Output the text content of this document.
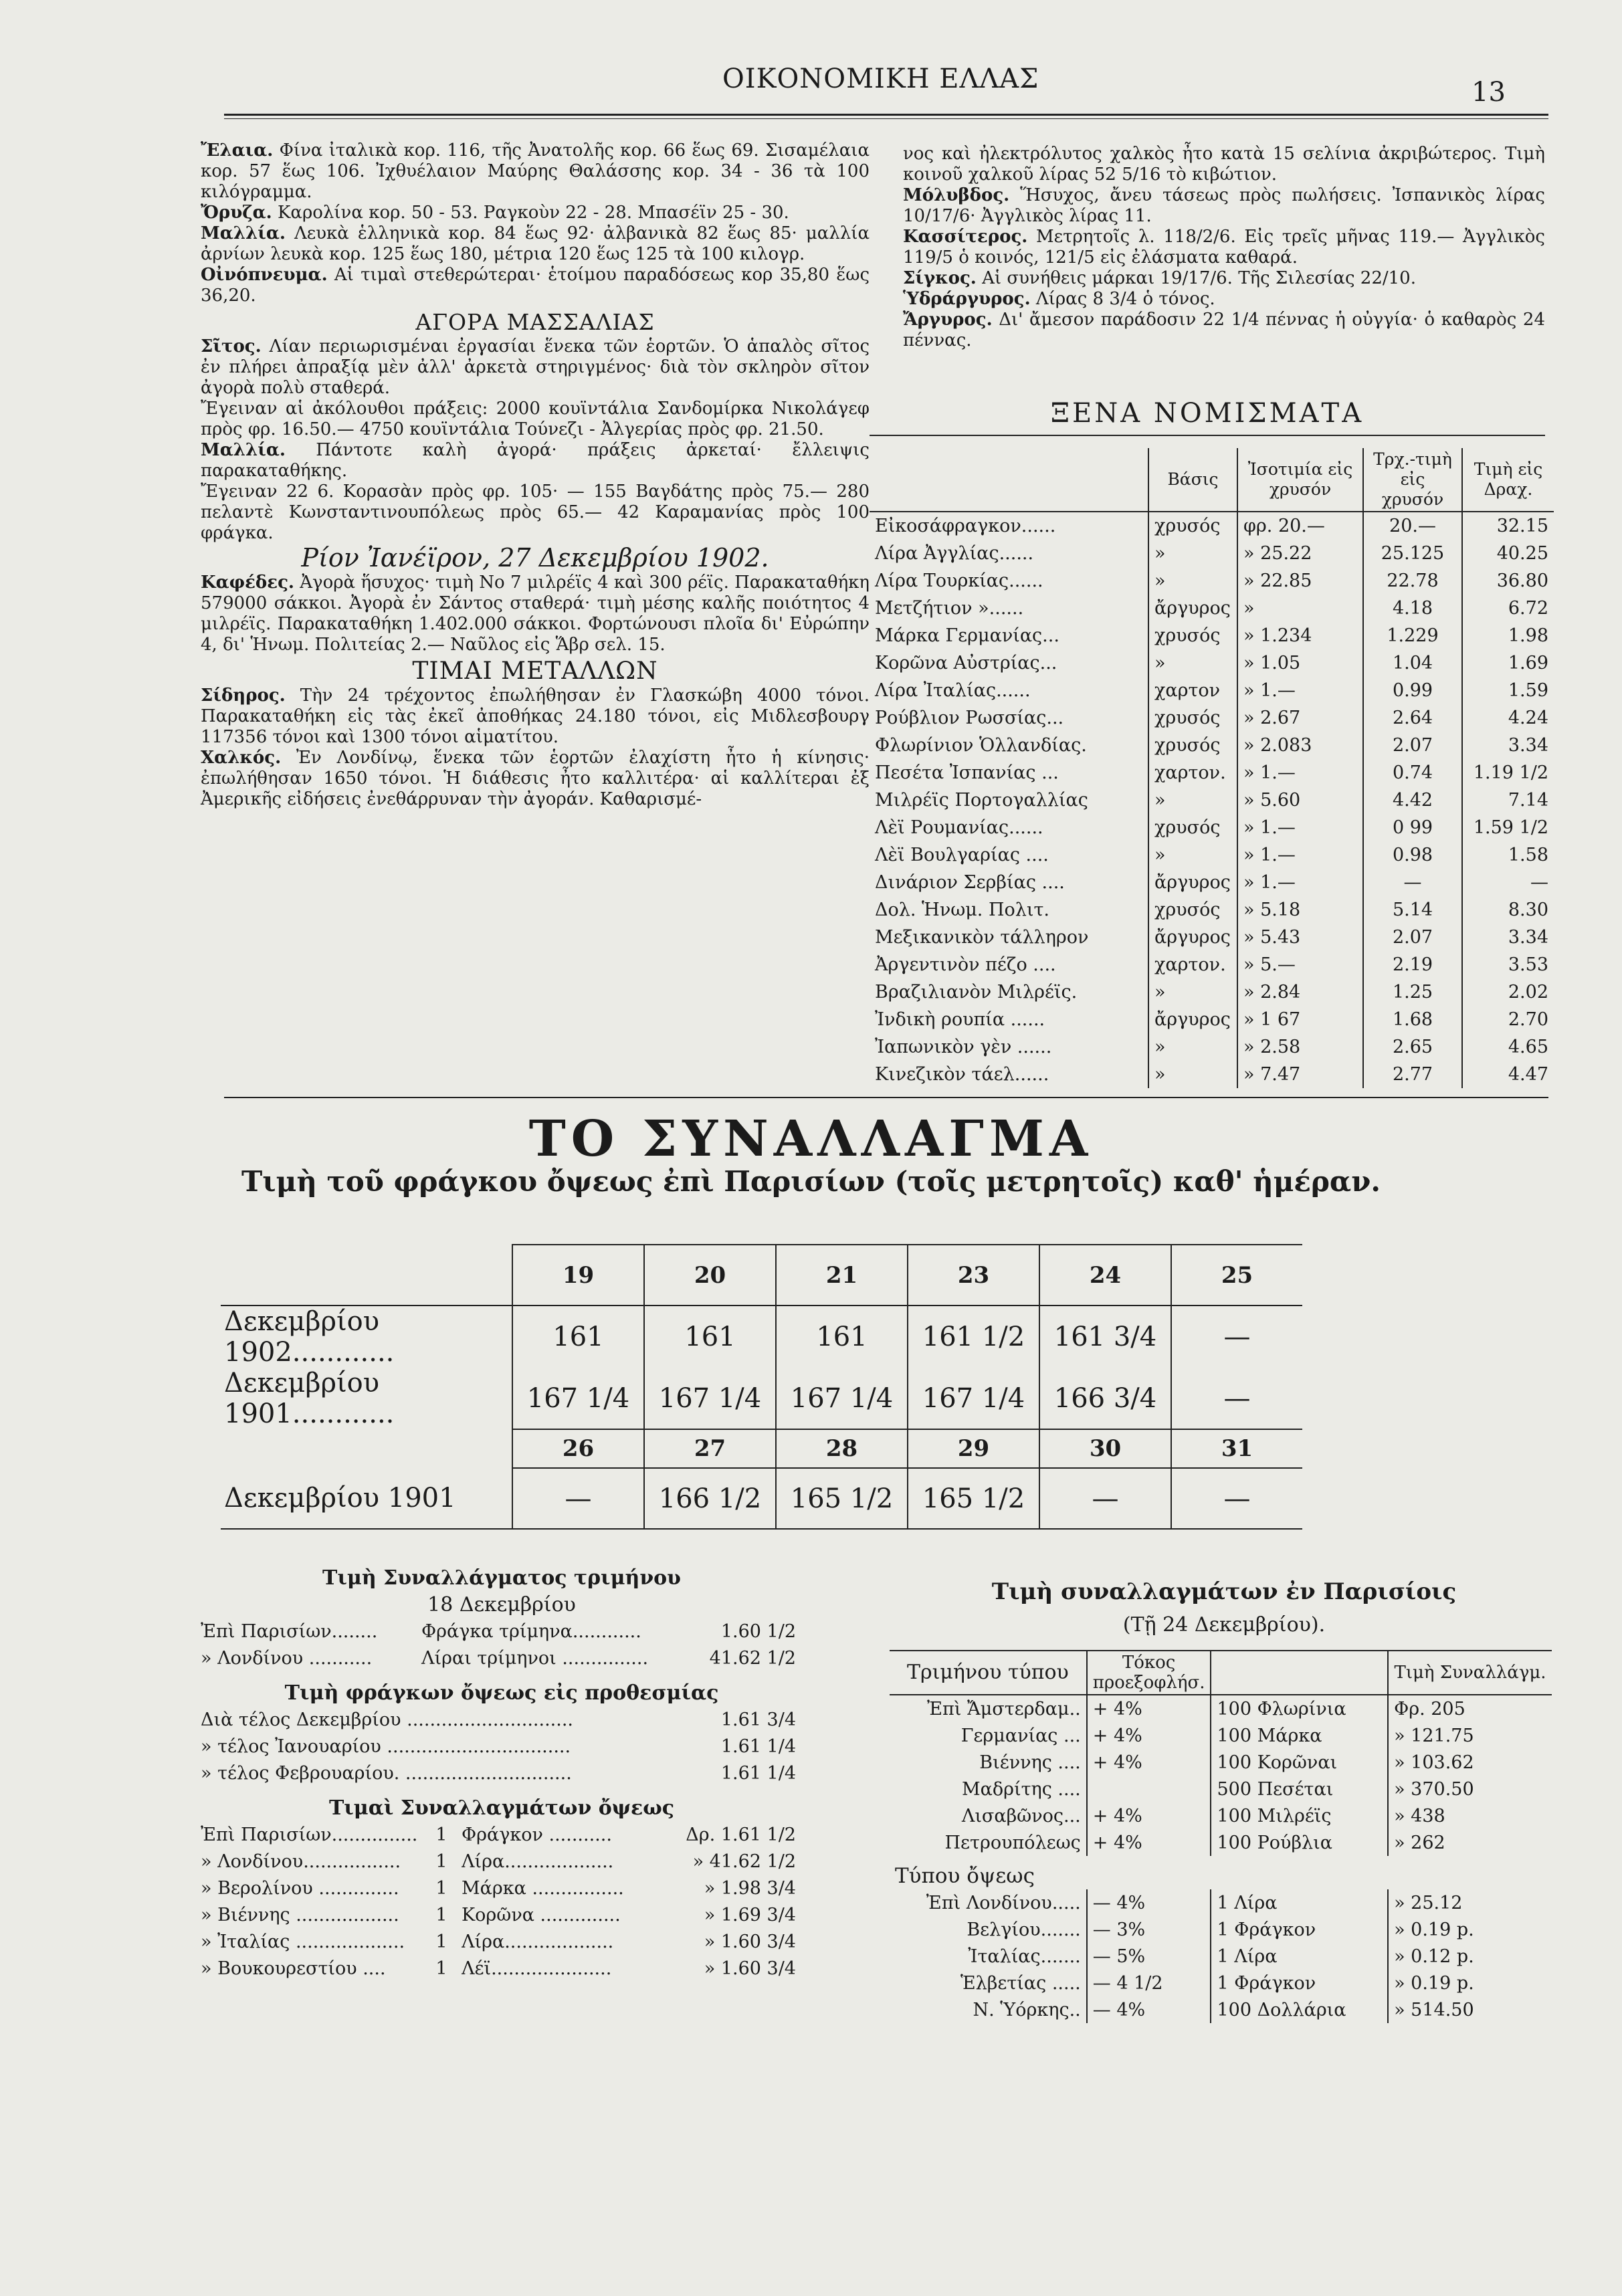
ΟΙΚΟΝΟΜΙΚΗ ΕΛΛΑΣ	13

Ἔλαια. Φίνα ἰταλικὰ κορ. 116, τῆς Ἀνατολῆς κορ. 66 ἕως 69. Σισαμέλαια κορ. 57 ἕως 106. Ἰχθυέλαιον Μαύρης Θαλάσσης κορ. 34 - 36 τὰ 100 κιλόγραμμα.

Ὄρυζα. Καρολίνα κορ. 50 - 53. Ραγκοὺν 22 - 28. Μπασέϊν 25 - 30.

Μαλλία. Λευκὰ ἑλληνικὰ κορ. 84 ἕως 92· ἀλβανικὰ 82 ἕως 85· μαλλία ἀρνίων λευκὰ κορ. 125 ἕως 180, μέτρια 120 ἕως 125 τὰ 100 κιλογρ.

Οἰνόπνευμα. Αἱ τιμαὶ στεθερώτεραι· ἑτοίμου παραδόσεως κορ 35,80 ἕως 36,20.

ΑΓΟΡΑ ΜΑΣΣΑΛΙΑΣ

Σῖτος. Λίαν περιωρισμέναι ἐργασίαι ἕνεκα τῶν ἑορτῶν. Ὁ ἁπαλὸς σῖτος ἐν πλήρει ἀπραξίᾳ μὲν ἀλλ' ἀρκετὰ στηριγμένος· διὰ τὸν σκληρὸν σῖτον ἀγορὰ πολὺ σταθερά.

Ἔγειναν αἱ ἀκόλουθοι πράξεις: 2000 κουϊντάλια Σανδομίρκα Νικολάγεφ πρὸς φρ. 16.50.— 4750 κουϊντάλια Τούνεζι - Ἀλγερίας πρὸς φρ. 21.50.

Μαλλία. Πάντοτε καλὴ ἀγορά· πράξεις ἀρκεταί· ἔλλειψις παρακαταθήκης.

Ἔγειναν 22 6. Κορασὰν πρὸς φρ. 105· — 155 Βαγδάτης πρὸς 75.— 280 πελαντὲ Κωνσταντινουπόλεως πρὸς 65.— 42 Καραμανίας πρὸς 100 φράγκα.

Ρίον Ἰανέϊρον, 27 Δεκεμβρίου 1902.

Καφέδες. Ἀγορὰ ἥσυχος· τιμὴ Νο 7 μιλρέϊς 4 καὶ 300 ρέϊς. Παρακαταθήκη 579000 σάκκοι. Ἀγορὰ ἐν Σάντος σταθερά· τιμὴ μέσης καλῆς ποιότητος 4 μιλρέϊς. Παρακαταθήκη 1.402.000 σάκκοι. Φορτώνουσι πλοῖα δι' Εὐρώπην 4, δι' Ἡνωμ. Πολιτείας 2.— Ναῦλος εἰς Ἅβρ σελ. 15.

ΤΙΜΑΙ ΜΕΤΑΛΛΩΝ

Σίδηρος. Τὴν 24 τρέχοντος ἐπωλήθησαν ἐν Γλασκώβη 4000 τόνοι. Παρακαταθήκη εἰς τὰς ἐκεῖ ἀποθήκας 24.180 τόνοι, εἰς Μιδλεσβουργ 117356 τόνοι καὶ 1300 τόνοι αἱματίτου.

Χαλκός. Ἐν Λονδίνῳ, ἕνεκα τῶν ἑορτῶν ἐλαχίστη ἦτο ἡ κίνησις· ἐπωλήθησαν 1650 τόνοι. Ἡ διάθεσις ἦτο καλλιτέρα· αἱ καλλίτεραι ἐξ Ἀμερικῆς εἰδήσεις ἐνεθάρρυναν τὴν ἀγοράν. Καθαρισμέ-

νος καὶ ἠλεκτρόλυτος χαλκὸς ἦτο κατὰ 15 σελίνια ἀκριβώτερος. Τιμὴ κοινοῦ χαλκοῦ λίρας 52 5/16 τὸ κιβώτιον.

Μόλυβδος. Ἥσυχος, ἄνευ τάσεως πρὸς πωλήσεις. Ἰσπανικὸς λίρας 10/17/6· Ἀγγλικὸς λίρας 11.

Κασσίτερος. Μετρητοῖς λ. 118/2/6. Εἰς τρεῖς μῆνας 119.— Ἀγγλικὸς 119/5 ὁ κοινός, 121/5 εἰς ἐλάσματα καθαρά.

Σίγκος. Αἱ συνήθεις μάρκαι 19/17/6. Τῆς Σιλεσίας 22/10.

Ὑδράργυρος. Λίρας 8 3/4 ὁ τόνος.

Ἄργυρος. Δι' ἄμεσον παράδοσιν 22 1/4 πέννας ἡ οὐγγία· ὁ καθαρὸς 24 πέννας.

ΞΕΝΑ ΝΟΜΙΣΜΑΤΑ
	Βάσις	Ἰσοτιμία εἰς χρυσόν	Τρχ.-τιμὴ εἰς χρυσόν	Τιμὴ εἰς Δραχ.
Εἰκοσάφραγκον......	χρυσός	φρ. 20.—	20.—	32.15
Λίρα Ἀγγλίας......	»	» 25.22	25.125	40.25
Λίρα Τουρκίας......	»	» 22.85	22.78	36.80
Μετζήτιον »......	ἄργυρος	»	4.18	6.72
Μάρκα Γερμανίας...	χρυσός	» 1.234	1.229	1.98
Κορῶνα Αὐστρίας...	»	» 1.05	1.04	1.69
Λίρα Ἰταλίας......	χαρτον	» 1.—	0.99	1.59
Ρούβλιον Ρωσσίας...	χρυσός	» 2.67	2.64	4.24
Φλωρίνιον Ὁλλανδίας.	χρυσός	» 2.083	2.07	3.34
Πεσέτα Ἰσπανίας ...	χαρτον.	» 1.—	0.74	1.19 1/2
Μιλρέϊς Πορτογαλλίας	»	» 5.60	4.42	7.14
Λὲϊ Ρουμανίας......	χρυσός	» 1.—	0 99	1.59 1/2
Λὲϊ Βουλγαρίας ....	»	» 1.—	0.98	1.58
Δινάριον Σερβίας ....	ἄργυρος	» 1.—	—	—
Δολ. Ἡνωμ. Πολιτ.	χρυσός	» 5.18	5.14	8.30
Μεξικανικὸν τάλληρον	ἄργυρος	» 5.43	2.07	3.34
Ἀργεντινὸν πέζο ....	χαρτον.	» 5.—	2.19	3.53
Βραζιλιανὸν Μιλρέϊς.	»	» 2.84	1.25	2.02
Ἰνδικὴ ρουπία ......	ἄργυρος	» 1 67	1.68	2.70
Ἰαπωνικὸν γὲν ......	»	» 2.58	2.65	4.65
Κινεζικὸν τάελ......	»	» 7.47	2.77	4.47
ΤΟ ΣΥΝΑΛΛΑΓΜΑ
Τιμὴ τοῦ φράγκου ὄψεως ἐπὶ Παρισίων (τοῖς μετρητοῖς) καθ' ἡμέραν.
	19	20	21	23	24	25
Δεκεμβρίου 1902............	161	161	161	161 1/2	161 3/4	—
Δεκεμβρίου 1901............	167 1/4	167 1/4	167 1/4	167 1/4	166 3/4	—
	26	27	28	29	30	31
Δεκεμβρίου 1901	—	166 1/2	165 1/2	165 1/2	—	—
Τιμὴ Συναλλάγματος τριμήνου
18 Δεκεμβρίου
Ἐπὶ Παρισίων........	Φράγκα τρίμηνα............	1.60 1/2
» Λονδίνου ...........	Λίραι τρίμηνοι ...............	41.62 1/2
Τιμὴ φράγκων ὄψεως εἰς προθεσμίας
Διὰ τέλος Δεκεμβρίου .............................	1.61 3/4
» τέλος Ἰανουαρίου ................................	1.61 1/4
» τέλος Φεβρουαρίου. .............................	1.61 1/4
Τιμαὶ Συναλλαγμάτων ὄψεως
Ἐπὶ Παρισίων...............	1 Φράγκον ...........	Δρ. 1.61 1/2
» Λονδίνου.................	1 Λίρα...................	» 41.62 1/2
» Βερολίνου ..............	1 Μάρκα ................	» 1.98 3/4
» Βιέννης ..................	1 Κορῶνα ..............	» 1.69 3/4
» Ἰταλίας ...................	1 Λίρα...................	» 1.60 3/4
» Βουκουρεστίου ....	1 Λέϊ.....................	» 1.60 3/4
Τιμὴ συναλλαγμάτων ἐν Παρισίοις
(Τῇ 24 Δεκεμβρίου).
Τριμήνου τύπου	Τόκος προεξοφλήσ.		Τιμὴ Συναλλάγμ.
Ἐπὶ Ἄμστερδαμ..	+ 4%	100 Φλωρίνια	Φρ. 205
Γερμανίας ...	+ 4%	100 Μάρκα	» 121.75
Βιέννης ....	+ 4%	100 Κορῶναι	» 103.62
Μαδρίτης ....		500 Πεσέται	» 370.50
Λισαβῶνος...	+ 4%	100 Μιλρέϊς	» 438
Πετρουπόλεως	+ 4%	100 Ρούβλια	» 262
Τύπου ὄψεως			
Ἐπὶ Λονδίνου.....	— 4%	1 Λίρα	» 25.12
Βελγίου.......	— 3%	1 Φράγκον	» 0.19 p.
Ἰταλίας.......	— 5%	1 Λίρα	» 0.12 p.
Ἑλβετίας .....	— 4 1/2	1 Φράγκον	» 0.19 p.
Ν. Ὑόρκης..	— 4%	100 Δολλάρια	» 514.50
